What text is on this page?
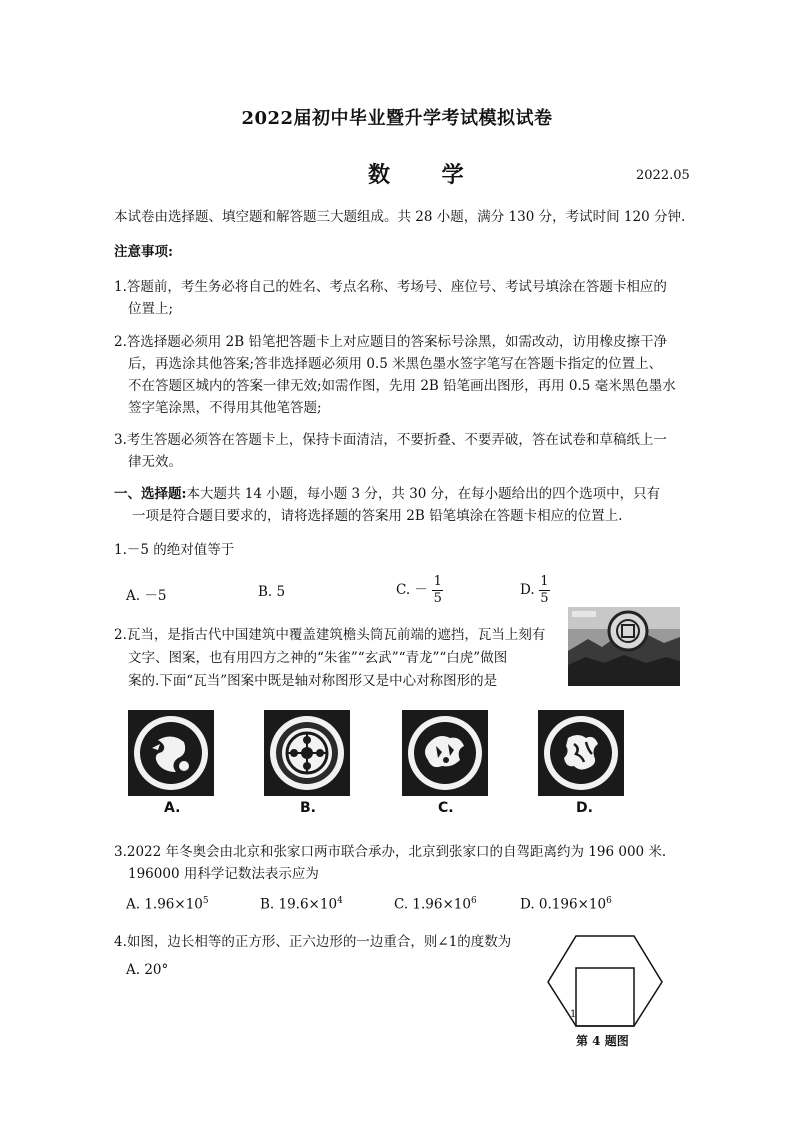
2022届初中毕业暨升学考试模拟试卷
数 学	2022.05
本试卷由选择题、填空题和解答题三大题组成。共 28 小题，满分 130 分，考试时间 120 分钟.
注意事项:
1.答题前，考生务必将自己的姓名、考点名称、考场号、座位号、考试号填涂在答题卡相应的
位置上;
2.答选择题必须用 2B 铅笔把答题卡上对应题目的答案标号涂黑，如需改动，访用橡皮擦干净
后，再选涂其他答案;答非选择题必须用 0.5 米黑色墨水签字笔写在答题卡指定的位置上、
不在答题区城内的答案一律无效;如需作图，先用 2B 铅笔画出图形，再用 0.5 毫米黑色墨水
签字笔涂黑，不得用其他笔答题;
3.考生答题必须答在答题卡上，保持卡面清洁，不要折叠、不要弄破，答在试卷和草稿纸上一
律无效。
一、选择题:本大题共 14 小题，每小题 3 分，共 30 分，在每小题给出的四个选项中，只有
一项是符合题目要求的，请将选择题的答案用 2B 铅笔填涂在答题卡相应的位置上.
1.－5 的绝对值等于
A. －5	B. 5	C. － $\frac{1}{5}$	D. $\frac{1}{5}$
2.瓦当，是指古代中国建筑中覆盖建筑檐头筒瓦前端的遮挡，瓦当上刻有
文字、图案，也有用四方之神的“朱雀”“玄武”“青龙”“白虎”做图
案的.下面“瓦当”图案中既是轴对称图形又是中心对称图形的是
A.	B.	C.	D.
3.2022 年冬奥会由北京和张家口两市联合承办，北京到张家口的自驾距离约为 196 000 米.
196000 用科学记数法表示应为
A. $1.96\times 10^5$	B. $19.6\times 10^4$	C. $1.96\times 10^6$	D. $0.196\times 10^6$
4.如图，边长相等的正方形、正六边形的一边重合，则∠1的度数为
A. 20°
1
第 4 题图
